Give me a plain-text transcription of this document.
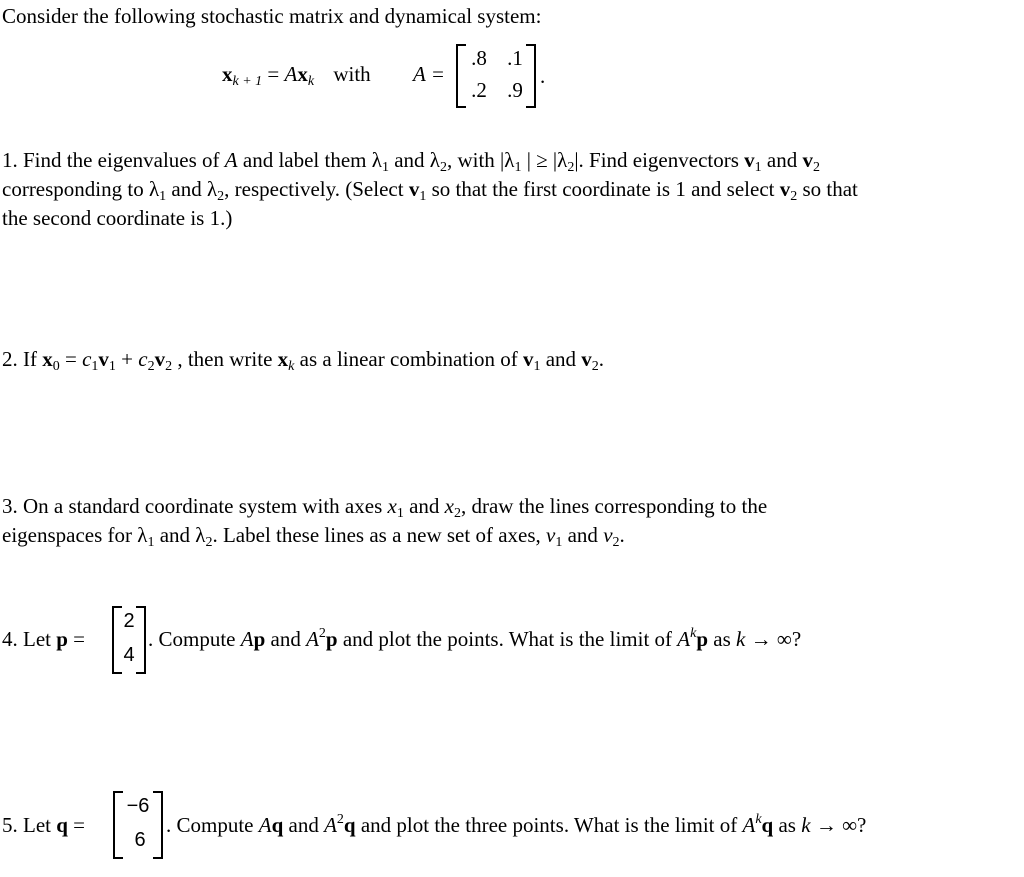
Consider the following stochastic matrix and dynamical system:
$x_{k + 1} = Ax_k$ with A =
.8 .1
.2 .9
.
1. Find the eigenvalues of A and label them $\lambda_1$ and $\lambda_2$, with $|\lambda_1$ | ≥ $|\lambda_2|$. Find eigenvectors $v_1$ and $v_2$
corresponding to $\lambda_1$ and $\lambda_2$, respectively. (Select $v_1$ so that the first coordinate is 1 and select $v_2$ so that
the second coordinate is 1.)
2. If $x_0 = c_1v_1 + c_2v_2$ , then write $x_k$ as a linear combination of $v_1$ and $v_2$.
3. On a standard coordinate system with axes $x_1$ and $x_2$, draw the lines corresponding to the
eigenspaces for $\lambda_1$ and $\lambda_2$. Label these lines as a new set of axes, $v_1$ and $v_2$.
4. Let p =
2
4
. Compute Ap and $A^2p$ and plot the points. What is the limit of $A^kp$ as k → ∞?
5. Let q =
−6
6
. Compute Aq and $A^2q$ and plot the three points. What is the limit of $A^kq$ as k → ∞?
